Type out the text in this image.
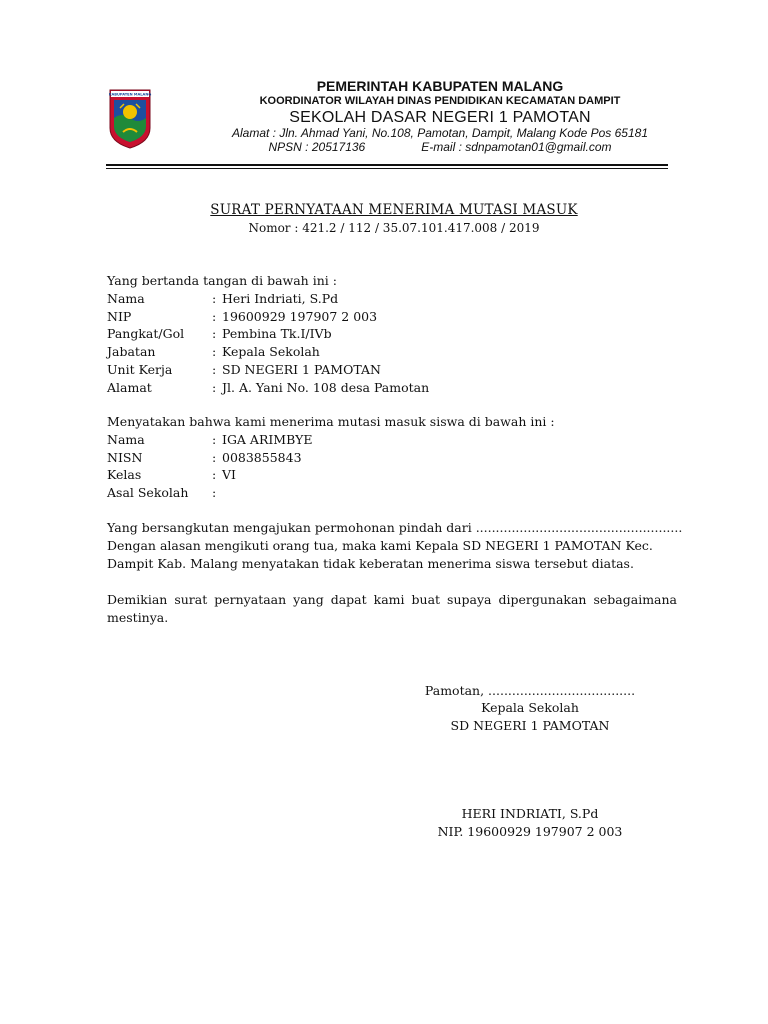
KABUPATEN MALANG
PEMERINTAH KABUPATEN MALANG
KOORDINATOR WILAYAH DINAS PENDIDIKAN KECAMATAN DAMPIT
SEKOLAH DASAR NEGERI 1 PAMOTAN
Alamat : Jln. Ahmad Yani, No.108, Pamotan, Dampit, Malang Kode Pos 65181
NPSN : 20517136	E-mail : sdnpamotan01@gmail.com
SURAT PERNYATAAN MENERIMA MUTASI MASUK
Nomor : 421.2 / 112 / 35.07.101.417.008 / 2019
Yang bertanda tangan di bawah ini :
Nama	: Heri Indriati, S.Pd
NIP	: 19600929 197907 2 003
Pangkat/Gol : Pembina Tk.I/IVb
Jabatan	: Kepala Sekolah
Unit Kerja	: SD NEGERI 1 PAMOTAN
Alamat	: Jl. A. Yani No. 108 desa Pamotan
Menyatakan bahwa kami menerima mutasi masuk siswa di bawah ini :
Nama	: IGA ARIMBYE
NISN	: 0083855843
Kelas	: VI
Asal Sekolah :
Yang bersangkutan mengajukan permohonan pindah dari ....................................................
Dengan alasan mengikuti orang tua, maka kami Kepala SD NEGERI 1 PAMOTAN Kec.
Dampit Kab. Malang menyatakan tidak keberatan menerima siswa tersebut diatas.
Demikian surat pernyataan yang dapat kami buat supaya dipergunakan sebagaimana mestinya.
Pamotan, .....................................
Kepala Sekolah
SD NEGERI 1 PAMOTAN
HERI INDRIATI, S.Pd
NIP. 19600929 197907 2 003
